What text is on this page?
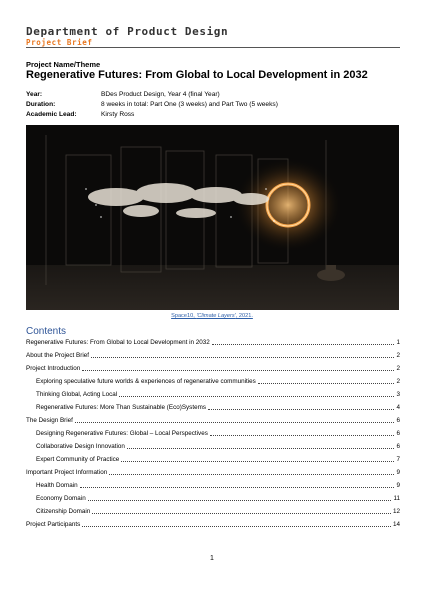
Department of Product Design
Project Brief
Project Name/Theme
Regenerative Futures: From Global to Local Development in 2032
Year:	BDes Product Design, Year 4 (final Year)
Duration:	8 weeks in total: Part One (3 weeks) and Part Two (5 weeks)
Academic Lead:	Kirsty Ross
Space10, 'Climate Layers', 2021.
Contents
Regenerative Futures: From Global to Local Development in 2032	1
About the Project Brief	2
Project Introduction	2
Exploring speculative future worlds & experiences of regenerative communities	2
Thinking Global, Acting Local	3
Regenerative Futures: More Than Sustainable (Eco)Systems	4
The Design Brief	6
Designing Regenerative Futures: Global – Local Perspectives	6
Collaborative Design Innovation	6
Expert Community of Practice	7
Important Project Information	9
Health Domain	9
Economy Domain	11
Citizenship Domain	12
Project Participants	14
1
